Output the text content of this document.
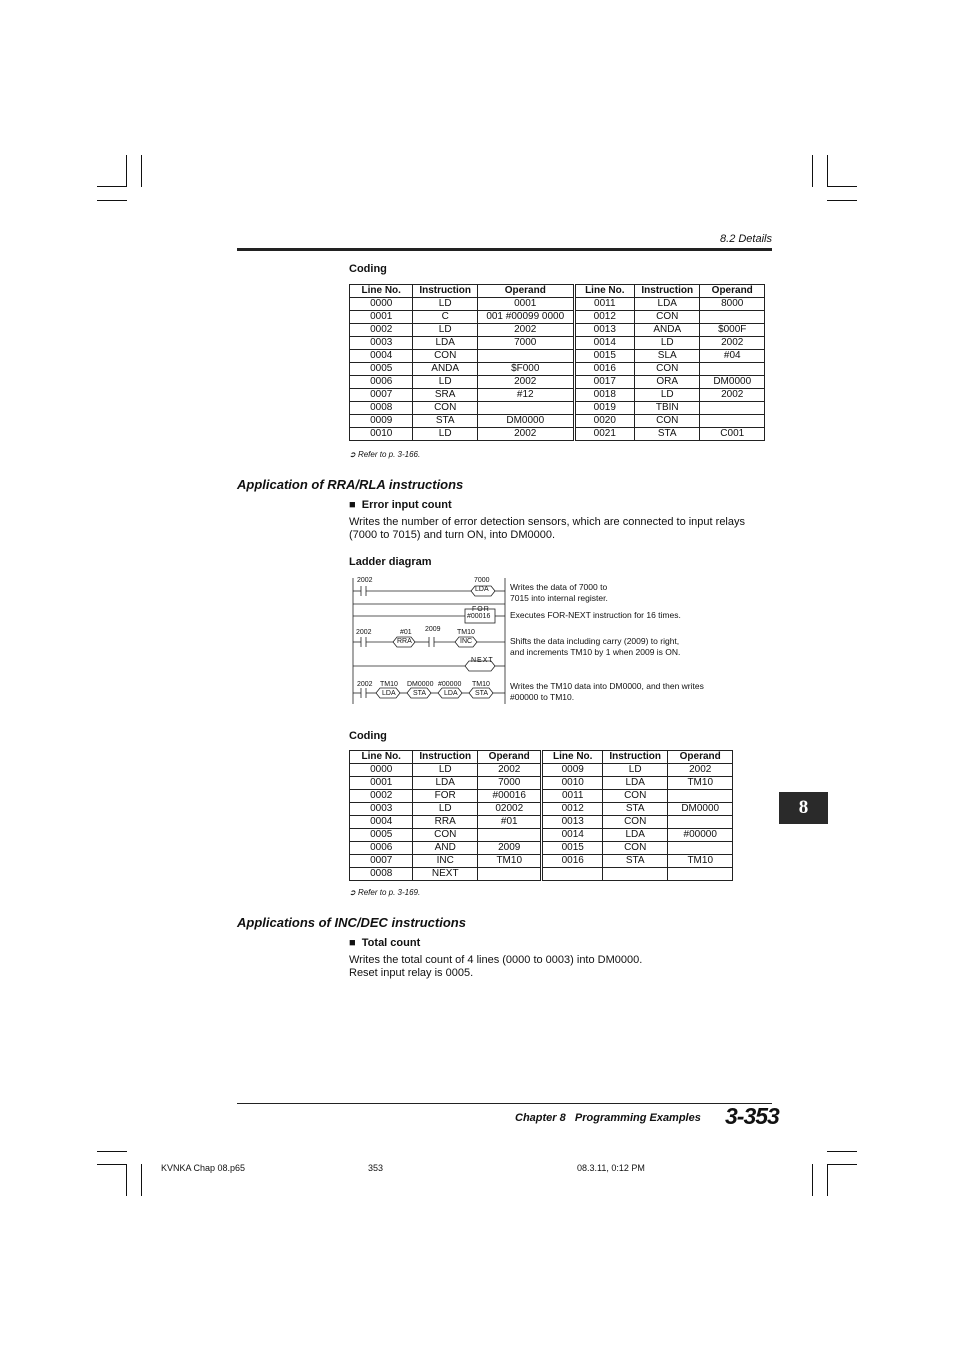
8.2 Details
Coding
Line No.	Instruction	Operand	Line No.	Instruction	Operand
0000	LD	0001	0011	LDA	8000
0001	C	001 #00099 0000	0012	CON	
0002	LD	2002	0013	ANDA	$000F
0003	LDA	7000	0014	LD	2002
0004	CON		0015	SLA	#04
0005	ANDA	$F000	0016	CON	
0006	LD	2002	0017	ORA	DM0000
0007	SRA	#12	0018	LD	2002
0008	CON		0019	TBIN	
0009	STA	DM0000	0020	CON	
0010	LD	2002	0021	STA	C001
➲ Refer to p. 3-166.
Application of RRA/RLA instructions
■ Error input count
Writes the number of error detection sensors, which are connected to input relays
(7000 to 7015) and turn ON, into DM0000.
Ladder diagram
2002	7000
LDA
FOR
#00016
2002	#01
RRA
2009 TM10
INC
NEXT
2002 TM10
LDA
DM0000
STA
#00000
LDA
TM10
STA
Writes the data of 7000 to
7015 into internal register.
Executes FOR-NEXT instruction for 16 times.
Shifts the data including carry (2009) to right,
and increments TM10 by 1 when 2009 is ON.
Writes the TM10 data into DM0000, and then writes
#00000 to TM10.
Coding
Line No.	Instruction	Operand	Line No.	Instruction	Operand
0000	LD	2002	0009	LD	2002
0001	LDA	7000	0010	LDA	TM10
0002	FOR	#00016	0011	CON	
0003	LD	02002	0012	STA	DM0000
0004	RRA	#01	0013	CON	
0005	CON		0014	LDA	#00000
0006	AND	2009	0015	CON	
0007	INC	TM10	0016	STA	TM10
0008	NEXT				
➲ Refer to p. 3-169.
Applications of INC/DEC instructions
■ Total count
Writes the total count of 4 lines (0000 to 0003) into DM0000.
Reset input relay is 0005.
8
Chapter 8 Programming Examples 3-353
KVNKA Chap 08.p65	353	08.3.11, 0:12 PM
